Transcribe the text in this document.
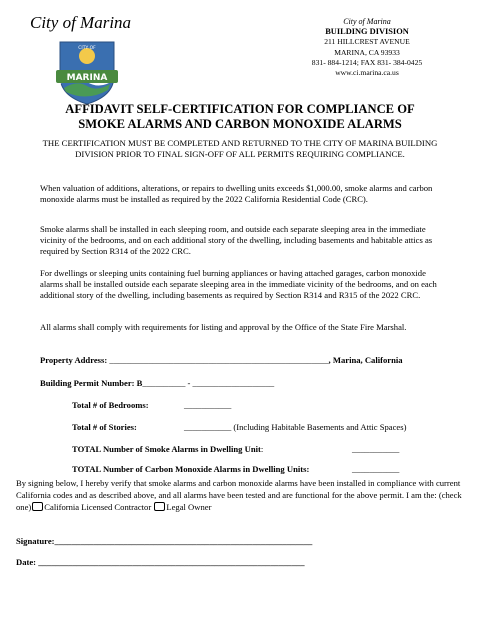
City of Marina
CITY OF
MARINA
City of Marina
BUILDING DIVISION
211 HILLCREST AVENUE
MARINA, CA 93933
831- 884-1214; FAX 831- 384-0425
www.ci.marina.ca.us
AFFIDAVIT SELF-CERTIFICATION FOR COMPLIANCE OF
SMOKE ALARMS AND CARBON MONOXIDE ALARMS
THE CERTIFICATION MUST BE COMPLETED AND RETURNED TO THE CITY OF MARINA BUILDING DIVISION PRIOR TO FINAL SIGN-OFF OF ALL PERMITS REQUIRING COMPLIANCE.
When valuation of additions, alterations, or repairs to dwelling units exceeds $1,000.00, smoke alarms and carbon monoxide alarms must be installed as required by the 2022 California Residential Code (CRC).
Smoke alarms shall be installed in each sleeping room, and outside each separate sleeping area in the immediate vicinity of the bedrooms, and on each additional story of the dwelling, including basements and habitable attics as required by Section R314 of the 2022 CRC.
For dwellings or sleeping units containing fuel burning appliances or having attached garages, carbon monoxide alarms shall be installed outside each separate sleeping area in the immediate vicinity of the bedrooms, and on each additional story of the dwelling, including basements as required by Section R314 and R315 of the 2022 CRC.
All alarms shall comply with requirements for listing and approval by the Office of the State Fire Marshal.
Property Address: ___________________________________________________, Marina, California
Building Permit Number: B__________ - ___________________
Total # of Bedrooms:	___________
Total # of Stories:	___________ (Including Habitable Basements and Attic Spaces)
TOTAL Number of Smoke Alarms in Dwelling Unit:	___________
TOTAL Number of Carbon Monoxide Alarms in Dwelling Units:	___________
By signing below, I hereby verify that smoke alarms and carbon monoxide alarms have been installed in compliance with current California codes and as described above, and all alarms have been tested and are functional for the above permit. I am the: (check one) California Licensed Contractor Legal Owner
Signature:____________________________________________________________
Date: ______________________________________________________________
